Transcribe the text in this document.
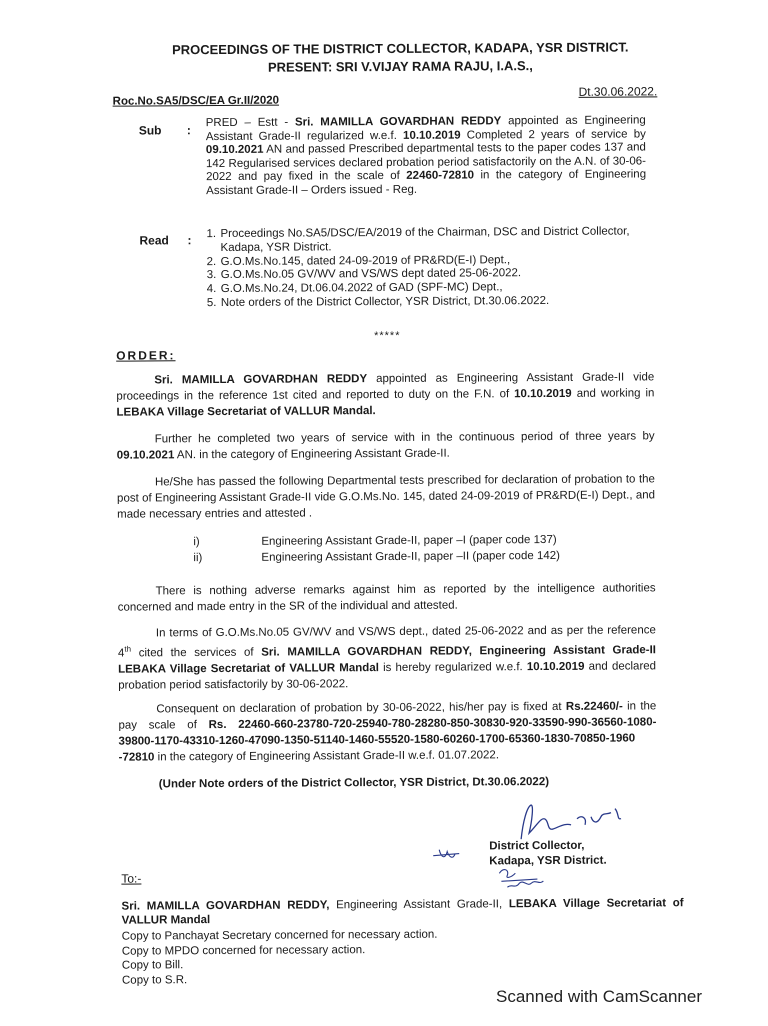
PROCEEDINGS OF THE DISTRICT COLLECTOR, KADAPA, YSR DISTRICT.
PRESENT: SRI V.VIJAY RAMA RAJU, I.A.S.,
Roc.No.SA5/DSC/EA Gr.II/2020
Dt.30.06.2022.
Sub :
PRED – Estt - Sri. MAMILLA GOVARDHAN REDDY appointed as Engineering Assistant Grade-II regularized w.e.f. 10.10.2019 Completed 2 years of service by 09.10.2021 AN and passed Prescribed departmental tests to the paper codes 137 and 142 Regularised services declared probation period satisfactorily on the A.N. of 30-06-2022 and pay fixed in the scale of 22460-72810 in the category of Engineering Assistant Grade-II – Orders issued - Reg.
Read : 1. Proceedings No.SA5/DSC/EA/2019 of the Chairman, DSC and District Collector, Kadapa, YSR District.
2. G.O.Ms.No.145, dated 24-09-2019 of PR&RD(E-I) Dept.,
3. G.O.Ms.No.05 GV/WV and VS/WS dept dated 25-06-2022.
4. G.O.Ms.No.24, Dt.06.04.2022 of GAD (SPF-MC) Dept.,
5. Note orders of the District Collector, YSR District, Dt.30.06.2022.
*****
ORDER:
Sri. MAMILLA GOVARDHAN REDDY appointed as Engineering Assistant Grade-II vide proceedings in the reference 1st cited and reported to duty on the F.N. of 10.10.2019 and working in LEBAKA Village Secretariat of VALLUR Mandal.
Further he completed two years of service with in the continuous period of three years by 09.10.2021 AN. in the category of Engineering Assistant Grade-II.
He/She has passed the following Departmental tests prescribed for declaration of probation to the post of Engineering Assistant Grade-II vide G.O.Ms.No. 145, dated 24-09-2019 of PR&RD(E-I) Dept., and made necessary entries and attested .
i)	Engineering Assistant Grade-II, paper –I (paper code 137)
ii)	Engineering Assistant Grade-II, paper –II (paper code 142)
There is nothing adverse remarks against him as reported by the intelligence authorities concerned and made entry in the SR of the individual and attested.
In terms of G.O.Ms.No.05 GV/WV and VS/WS dept., dated 25-06-2022 and as per the reference 4th cited the services of Sri. MAMILLA GOVARDHAN REDDY, Engineering Assistant Grade-II LEBAKA Village Secretariat of VALLUR Mandal is hereby regularized w.e.f. 10.10.2019 and declared probation period satisfactorily by 30-06-2022.
Consequent on declaration of probation by 30-06-2022, his/her pay is fixed at Rs.22460/- in the pay scale of Rs. 22460-660-23780-720-25940-780-28280-850-30830-920-33590-990-36560-1080-39800-1170-43310-1260-47090-1350-51140-1460-55520-1580-60260-1700-65360-1830-70850-1960 -72810 in the category of Engineering Assistant Grade-II w.e.f. 01.07.2022.
(Under Note orders of the District Collector, YSR District, Dt.30.06.2022)
District Collector,
Kadapa, YSR District.
To:-
Sri. MAMILLA GOVARDHAN REDDY, Engineering Assistant Grade-II, LEBAKA Village Secretariat of VALLUR Mandal
Copy to Panchayat Secretary concerned for necessary action.
Copy to MPDO concerned for necessary action.
Copy to Bill.
Copy to S.R.
Scanned with CamScanner
